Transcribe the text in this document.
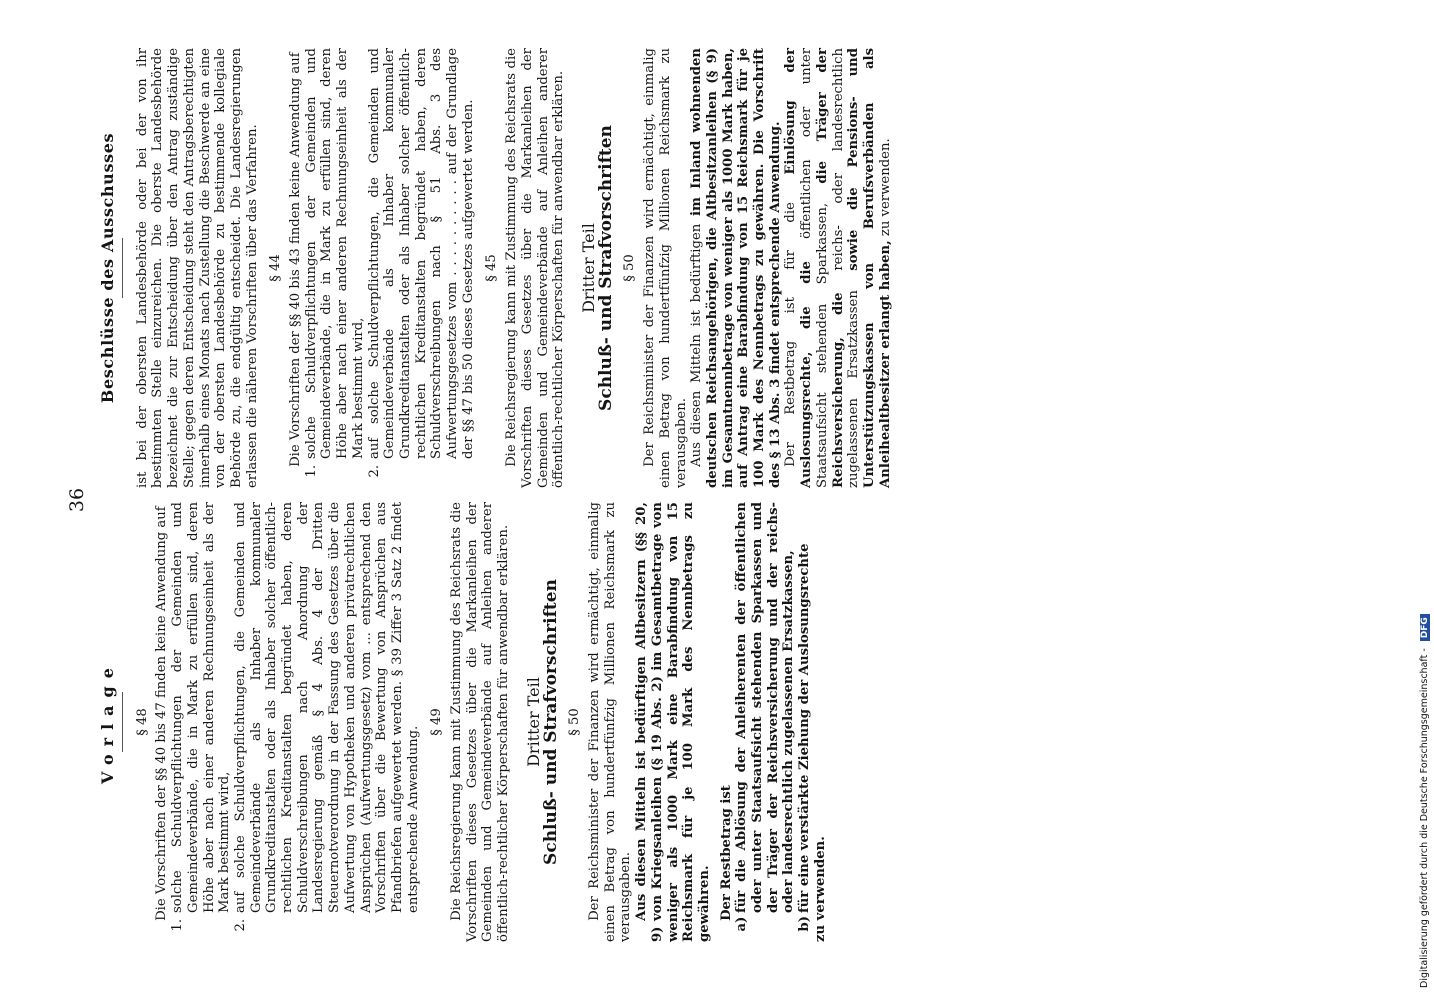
36
Vorlage § 48 Die Vorschriften der §§ 40 bis 47 finden keine Anwendung auf

1.
solche Schuldverpflichtungen der Gemeinden und Gemeindeverbände, die in Mark zu erfüllen sind, deren Höhe aber nach einer anderen Rechnungseinheit als der Mark bestimmt wird,
2.
auf solche Schuldverpflichtungen, die Gemeinden und Gemeindeverbände als Inhaber kommunaler Grundkreditanstalten oder als Inhaber solcher öffentlich-rechtlichen Kreditanstalten begründet haben, deren Schuldverschreibungen nach Anordnung der Landesregierung gemäß § 4 Abs. 4 der Dritten Steuernotverordnung in der Fassung des Gesetzes über die Aufwertung von Hypotheken und anderen privatrechtlichen Ansprüchen (Aufwertungsgesetz) vom ... entsprechend den Vorschriften über die Bewertung von Ansprüchen aus Pfandbriefen aufgewertet werden. § 39 Ziffer 3 Satz 2 findet entsprechende Anwendung.
§ 49 Die Reichsregierung kann mit Zustimmung des Reichsrats die Vorschriften dieses Gesetzes über die Markanleihen der Gemeinden und Gemeindeverbände auf Anleihen anderer öffentlich-rechtlicher Körperschaften für anwendbar erklären. Dritter Teil
Schluß- und Strafvorschriften § 50 Der Reichsminister der Finanzen wird ermächtigt, einmalig einen Betrag von hundertfünfzig Millionen Reichsmark zu verausgaben. Aus diesen Mitteln ist bedürftigen Altbesitzern (§§ 20, 9) von Kriegsanleihen (§ 19 Abs. 2) im Gesamtbetrage von weniger als 1000 Mark eine Barabfindung von 15 Reichsmark für je 100 Mark des Nennbetrags zu gewähren. Der Restbetrag ist

a)
für die Ablösung der Anleiherenten der öffentlichen oder unter Staatsaufsicht stehenden Sparkassen und der Träger der Reichsversicherung und der reichs- oder landesrechtlich zugelassenen Ersatzkassen,
b)
für eine verstärkte Ziehung der Auslosungsrechte zu verwenden.

Beschlüsse des Ausschusses ist bei der obersten Landesbehörde oder bei der von ihr bestimmten Stelle einzureichen. Die oberste Landesbehörde bezeichnet die zur Entscheidung über den Antrag zuständige Stelle; gegen deren Entscheidung steht den Antragsberechtigten innerhalb eines Monats nach Zustellung die Beschwerde an eine von der obersten Landesbehörde zu bestimmende kollegiale Behörde zu, die endgültig entscheidet. Die Landesregierungen erlassen die näheren Vorschriften über das Verfahren. § 44 Die Vorschriften der §§ 40 bis 43 finden keine Anwendung auf

1.
solche Schuldverpflichtungen der Gemeinden und Gemeindeverbände, die in Mark zu erfüllen sind, deren Höhe aber nach einer anderen Rechnungseinheit als der Mark bestimmt wird,
2.
auf solche Schuldverpflichtungen, die Gemeinden und Gemeindeverbände als Inhaber kommunaler Grundkreditanstalten oder als Inhaber solcher öffentlich-rechtlichen Kreditanstalten begründet haben, deren Schuldverschreibungen nach § 51 Abs. 3 des Aufwertungsgesetzes vom . . . . . . . . . . auf der Grundlage der §§ 47 bis 50 dieses Gesetzes aufgewertet werden. § 45 Die Reichsregierung kann mit Zustimmung des Reichsrats die Vorschriften dieses Gesetzes über die Markanleihen der Gemeinden und Gemeindeverbände auf Anleihen anderer öffentlich-rechtlicher Körperschaften für anwendbar erklären. Dritter Teil
Schluß- und Strafvorschriften § 50 Der Reichsminister der Finanzen wird ermächtigt, einmalig einen Betrag von hundertfünfzig Millionen Reichsmark zu verausgaben. Aus diesen Mitteln ist bedürftigen im Inland wohnenden deutschen Reichsangehörigen, die Altbesitzanleihen (§ 9) im Gesamtnennbetrage von weniger als 1000 Mark haben, auf Antrag eine Barabfindung von 15 Reichsmark für je 100 Mark des Nennbetrags zu gewähren. Die Vorschrift des § 13 Abs. 3 findet entsprechende Anwendung. Der Restbetrag ist für die Einlösung der Auslosungsrechte, die die öffentlichen oder unter Staatsaufsicht stehenden Sparkassen, die Träger der Reichsversicherung, die reichs- oder landesrechtlich zugelassenen Ersatzkassen sowie die Pensions- und Unterstützungskassen von Berufsverbänden als Anleihealtbesitzer erlangt haben, zu verwenden.

Digitalisierung gefördert durch die Deutsche Forschungsgemeinschaft - DFG
